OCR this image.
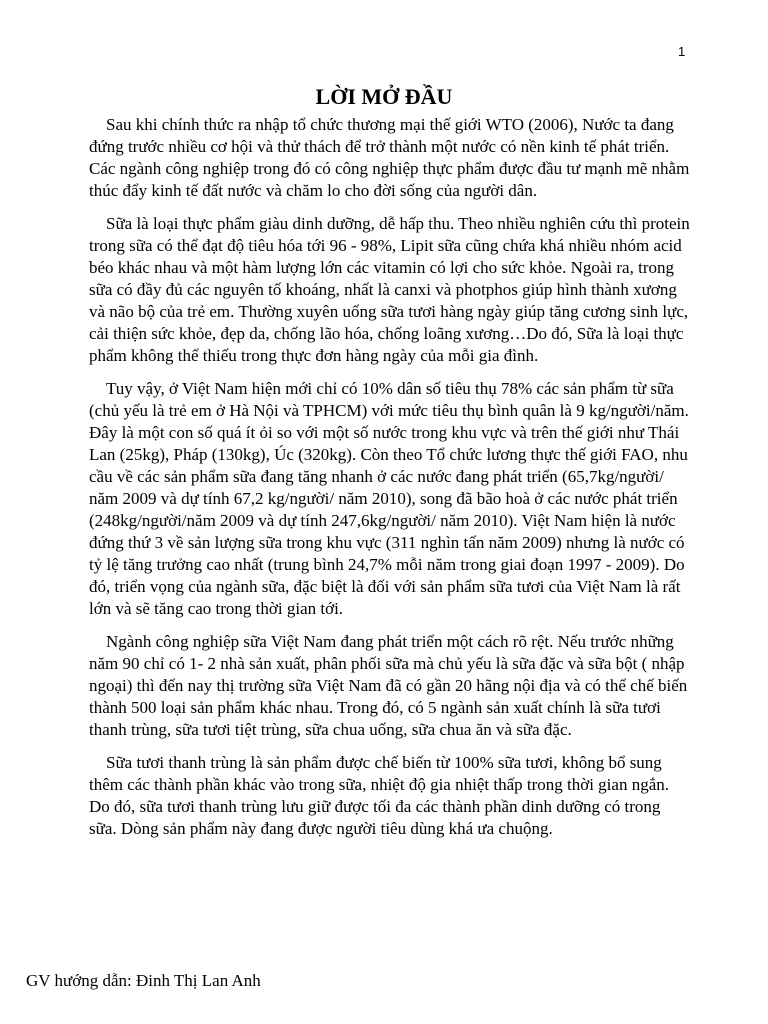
1
LỜI MỞ ĐẦU

Sau khi chính thức ra nhập tổ chức thương mại thế giới WTO (2006), Nước ta đang đứng trước nhiều cơ hội và thử thách để trở thành một nước có nền kinh tế phát triển. Các ngành công nghiệp trong đó có công nghiệp thực phẩm được đầu tư mạnh mẽ nhằm thúc đẩy kinh tế đất nước và chăm lo cho đời sống của người dân.

Sữa là loại thực phẩm giàu dinh dưỡng, dễ hấp thu. Theo nhiều nghiên cứu thì protein trong sữa có thể đạt độ tiêu hóa tới 96 - 98%, Lipit sữa cũng chứa khá nhiều nhóm acid béo khác nhau và một hàm lượng lớn các vitamin có lợi cho sức khỏe. Ngoài ra, trong sữa có đầy đủ các nguyên tố khoáng, nhất là canxi và photphos giúp hình thành xương và não bộ của trẻ em. Thường xuyên uống sữa tươi hàng ngày giúp tăng cương sinh lực, cải thiện sức khỏe, đẹp da, chống lão hóa, chống loãng xương…Do đó, Sữa là loại thực phẩm không thể thiếu trong thực đơn hàng ngày của mỗi gia đình.

Tuy vậy, ở Việt Nam hiện mới chỉ có 10% dân số tiêu thụ 78% các sản phẩm từ sữa (chủ yếu là trẻ em ở Hà Nội và TPHCM) với mức tiêu thụ bình quân là 9 kg/người/năm. Đây là một con số quá ít ỏi so với một số nước trong khu vực và trên thế giới như Thái Lan (25kg), Pháp (130kg), Úc (320kg). Còn theo Tổ chức lương thực thế giới FAO, nhu cầu về các sản phẩm sữa đang tăng nhanh ở các nước đang phát triển (65,7kg/người/ năm 2009 và dự tính 67,2 kg/người/ năm 2010), song đã bão hoà ở các nước phát triển (248kg/người/năm 2009 và dự tính 247,6kg/người/ năm 2010). Việt Nam hiện là nước đứng thứ 3 về sản lượng sữa trong khu vực (311 nghìn tấn năm 2009) nhưng là nước có tỷ lệ tăng trưởng cao nhất (trung bình 24,7% mỗi năm trong giai đoạn 1997 - 2009). Do đó, triển vọng của ngành sữa, đặc biệt là đối với sản phẩm sữa tươi của Việt Nam là rất lớn và sẽ tăng cao trong thời gian tới.

Ngành công nghiệp sữa Việt Nam đang phát triển một cách rõ rệt. Nếu trước những năm 90 chỉ có 1- 2 nhà sản xuất, phân phối sữa mà chủ yếu là sữa đặc và sữa bột ( nhập ngoại) thì đến nay thị trường sữa Việt Nam đã có gần 20 hãng nội địa và có thể chế biến thành 500 loại sản phẩm khác nhau. Trong đó, có 5 ngành sản xuất chính là sữa tươi thanh trùng, sữa tươi tiệt trùng, sữa chua uống, sữa chua ăn và sữa đặc.

Sữa tươi thanh trùng là sản phẩm được chế biến từ 100% sữa tươi, không bổ sung thêm các thành phần khác vào trong sữa, nhiệt độ gia nhiệt thấp trong thời gian ngắn. Do đó, sữa tươi thanh trùng lưu giữ được tối đa các thành phần dinh dưỡng có trong sữa. Dòng sản phẩm này đang được người tiêu dùng khá ưa chuộng.

GV hướng dẫn: Đinh Thị Lan Anh
